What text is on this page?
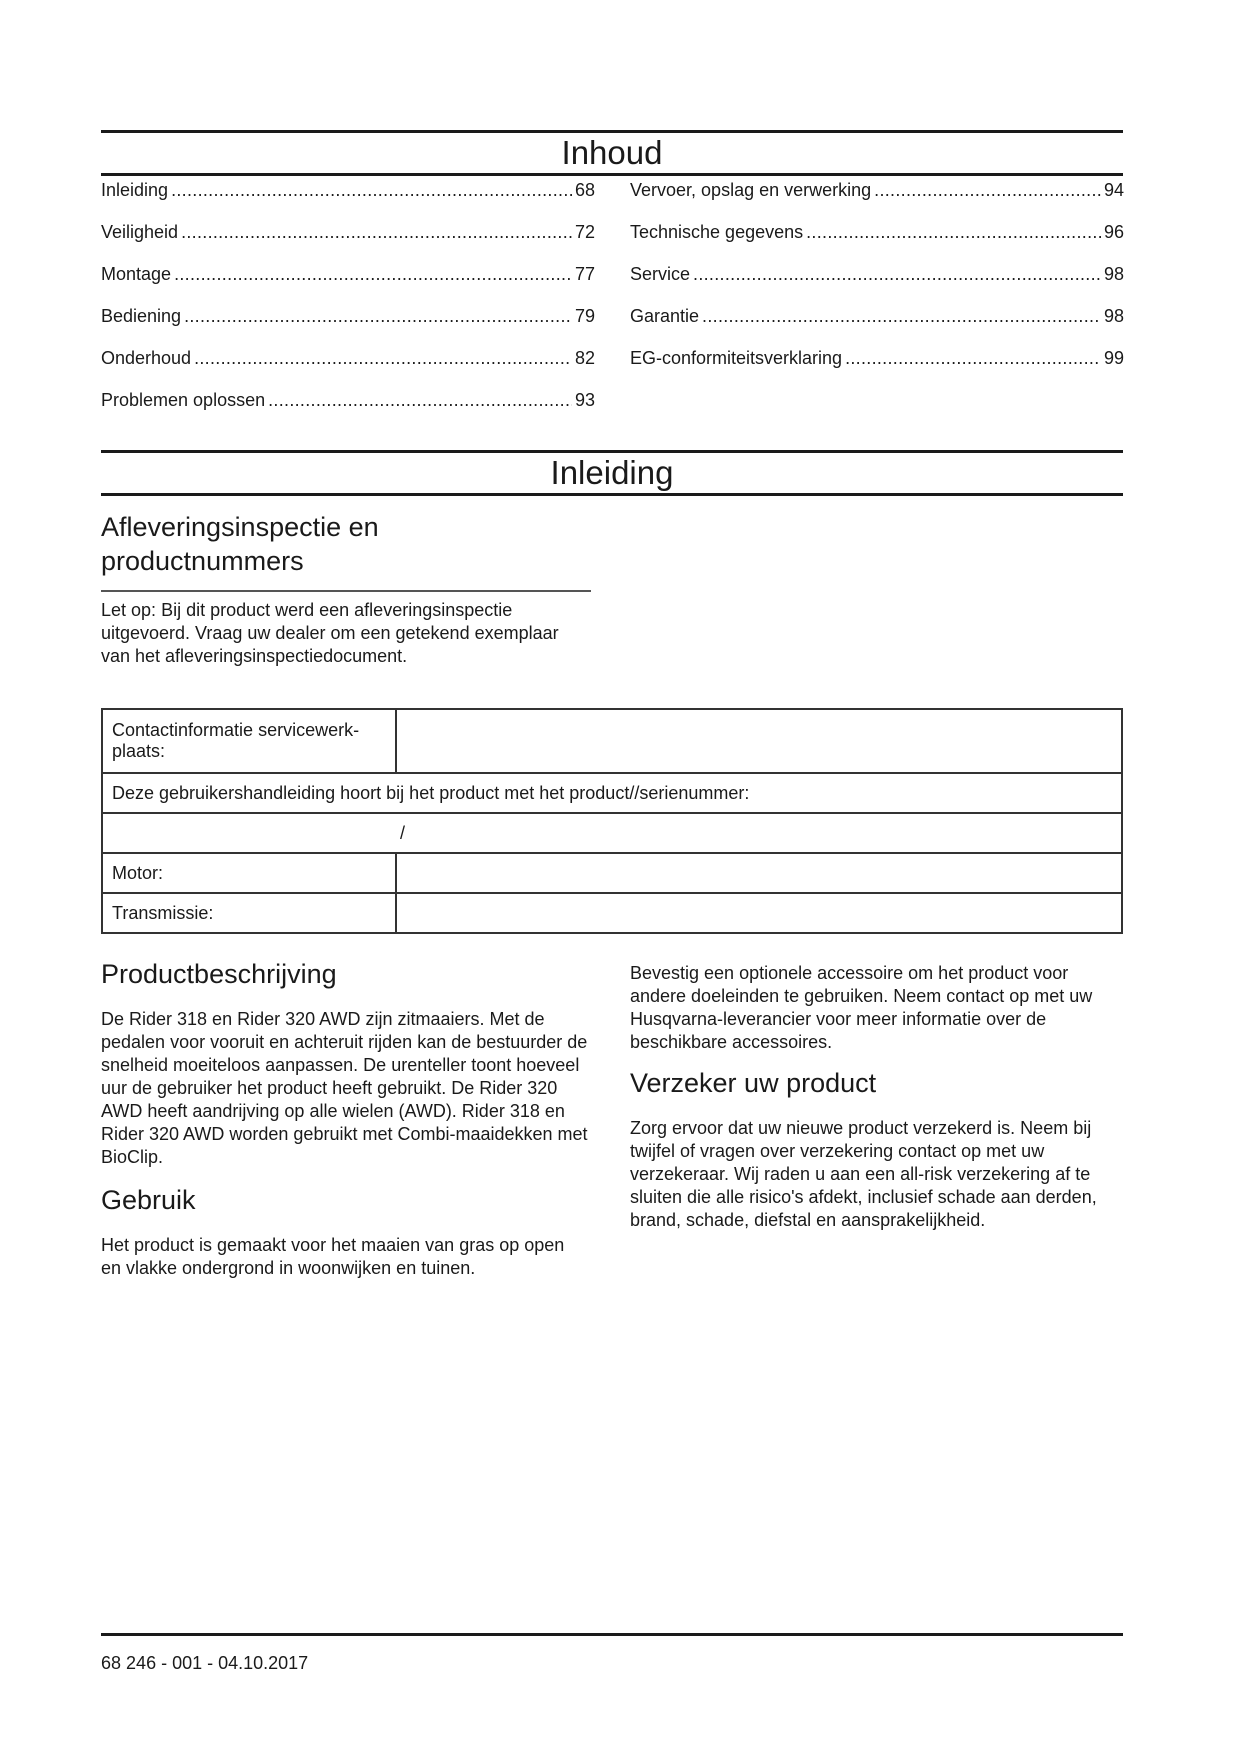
Inhoud
Inleiding .....	68
Veiligheid .....	72
Montage .....	77
Bediening .....	79
Onderhoud .....	82
Problemen oplossen .....	93
Vervoer, opslag en verwerking .....	94
Technische gegevens .....	96
Service .....	98
Garantie .....	98
EG-conformiteitsverklaring .....	99
Inleiding
Afleveringsinspectie en productnummers

Let op: Bij dit product werd een afleveringsinspectie uitgevoerd. Vraag uw dealer om een getekend exemplaar van het afleveringsinspectiedocument.

Contactinformatie servicewerk-plaats:	
Deze gebruikershandleiding hoort bij het product met het product//serienummer:	
/	
Motor:	
Transmissie:	
Productbeschrijving

De Rider 318 en Rider 320 AWD zijn zitmaaiers. Met de pedalen voor vooruit en achteruit rijden kan de bestuurder de snelheid moeiteloos aanpassen. De urenteller toont hoeveel uur de gebruiker het product heeft gebruikt. De Rider 320 AWD heeft aandrijving op alle wielen (AWD). Rider 318 en Rider 320 AWD worden gebruikt met Combi-maaidekken met BioClip.

Gebruik

Het product is gemaakt voor het maaien van gras op open en vlakke ondergrond in woonwijken en tuinen.

Bevestig een optionele accessoire om het product voor andere doeleinden te gebruiken. Neem contact op met uw Husqvarna-leverancier voor meer informatie over de beschikbare accessoires.

Verzeker uw product

Zorg ervoor dat uw nieuwe product verzekerd is. Neem bij twijfel of vragen over verzekering contact op met uw verzekeraar. Wij raden u aan een all-risk verzekering af te sluiten die alle risico's afdekt, inclusief schade aan derden, brand, schade, diefstal en aansprakelijkheid.

68 246 - 001 - 04.10.2017
